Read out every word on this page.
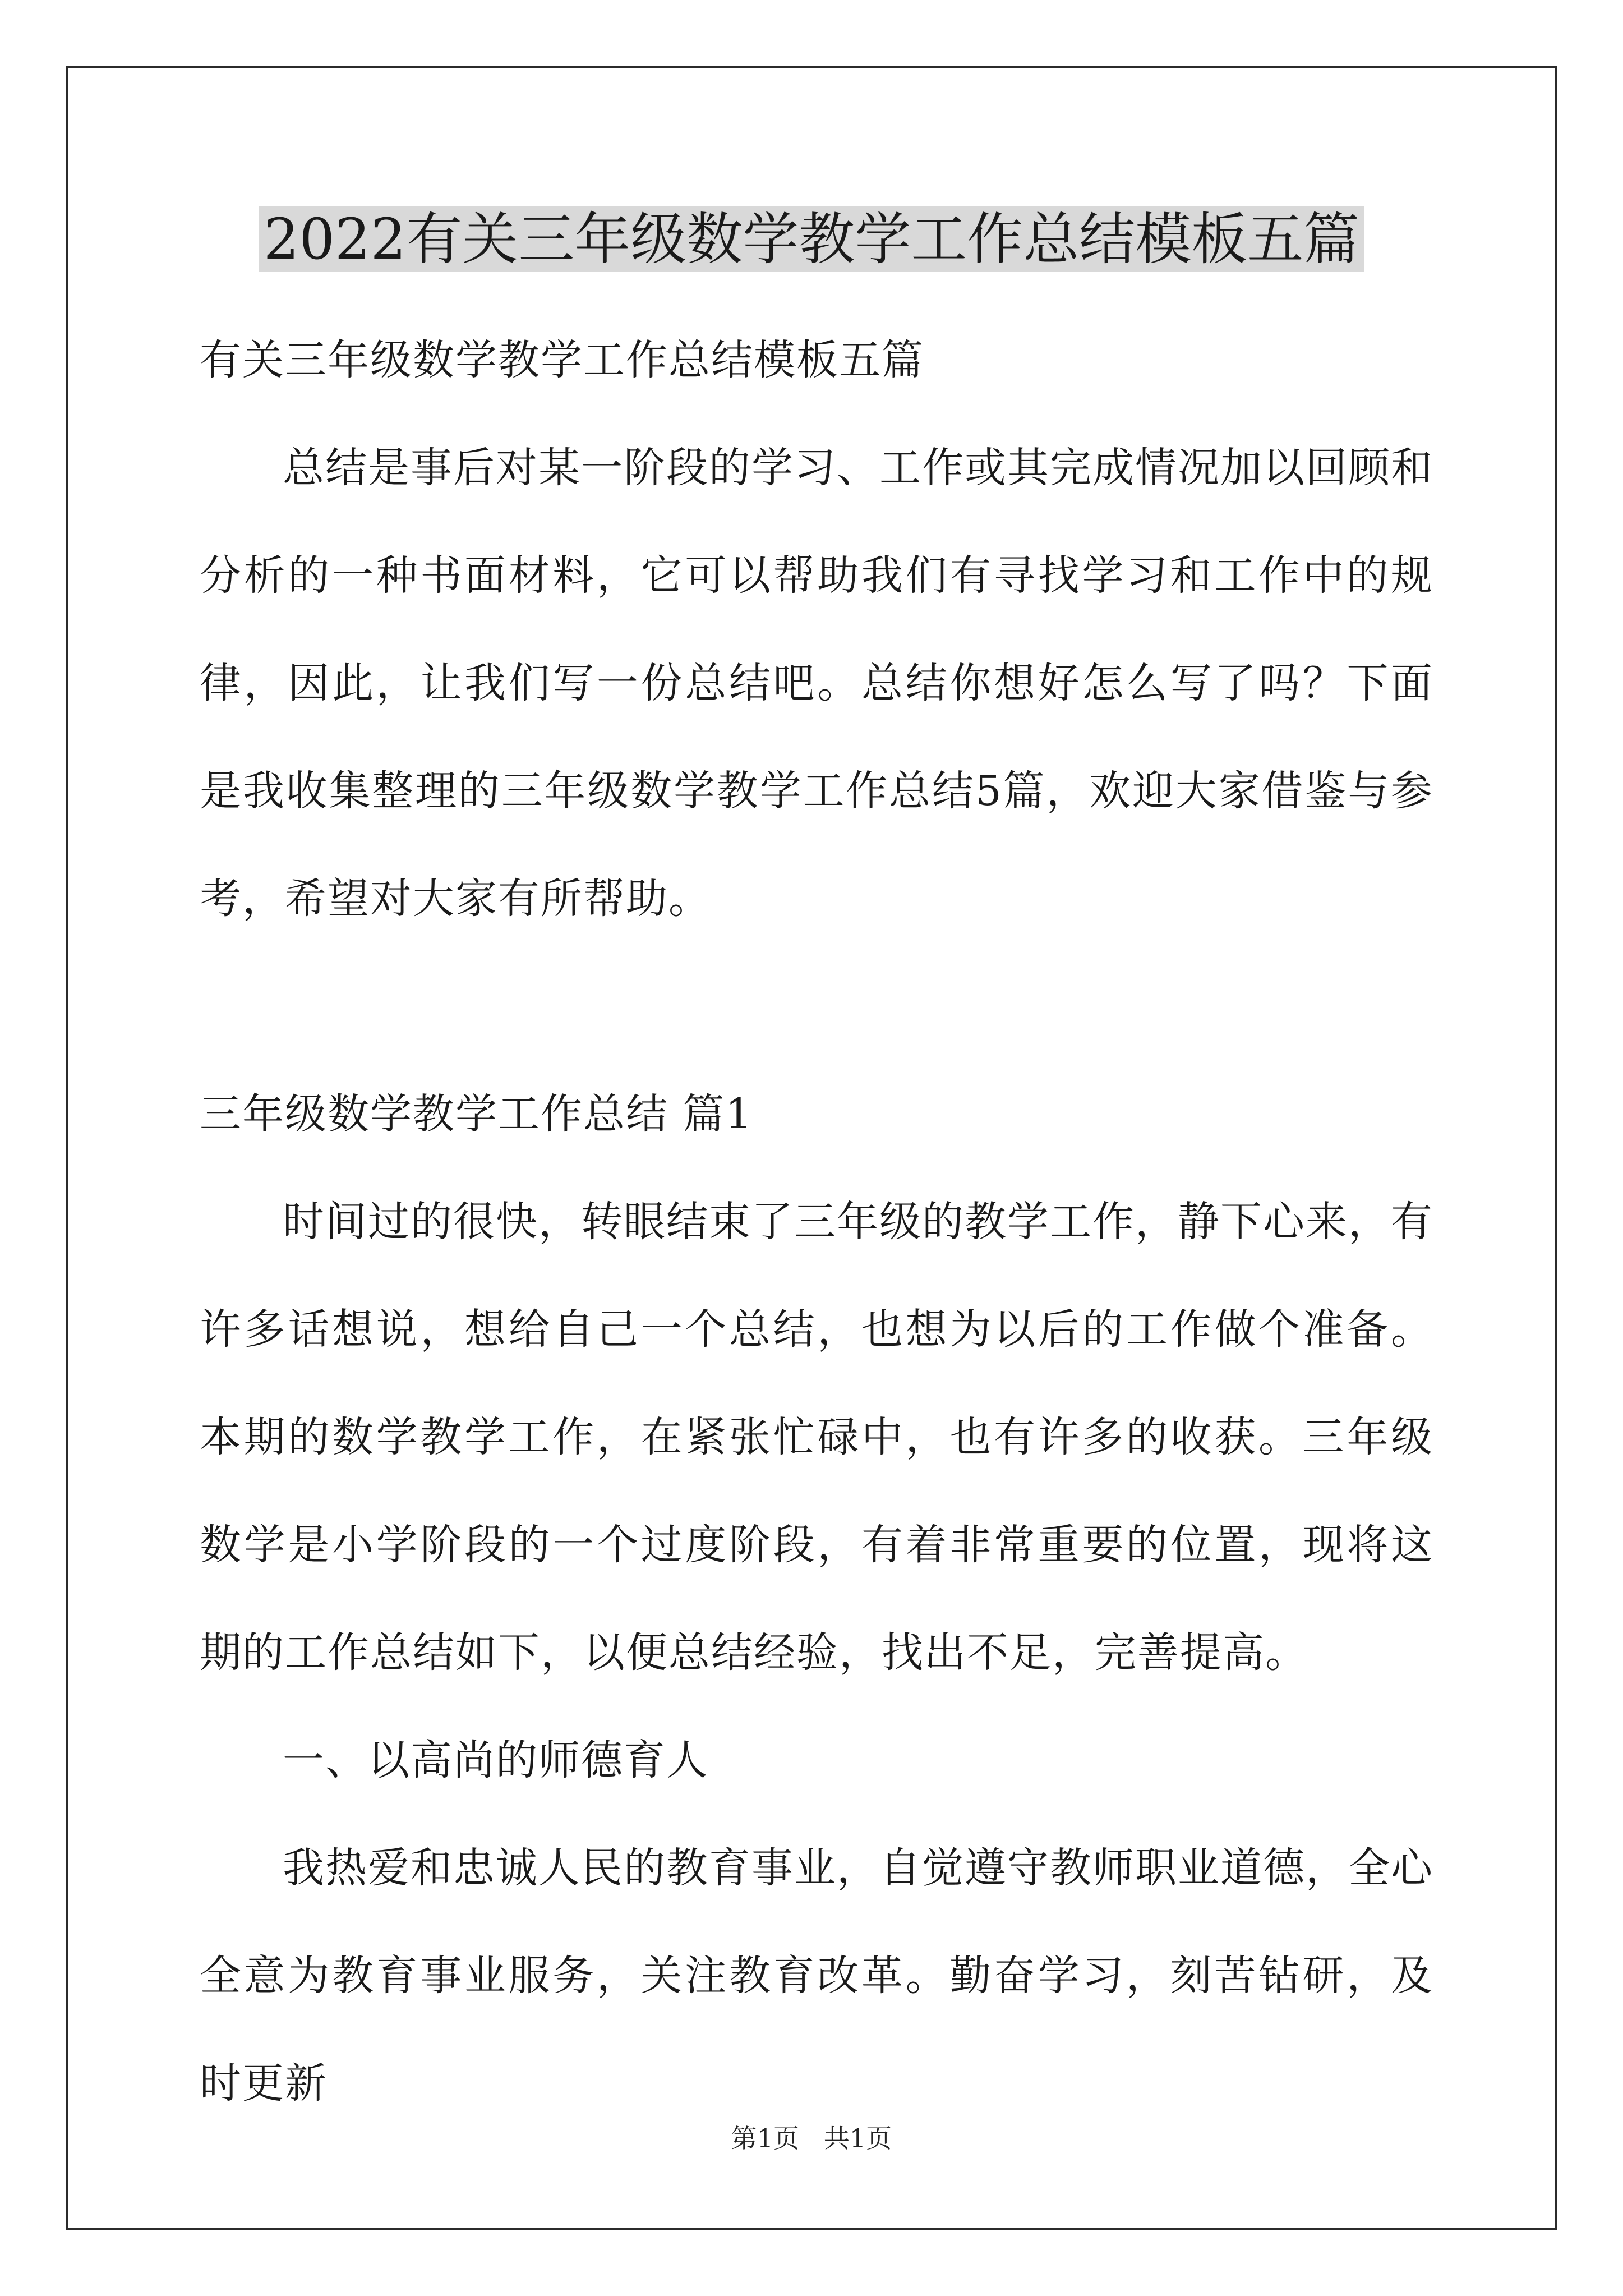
2022有关三年级数学教学工作总结模板五篇

有关三年级数学教学工作总结模板五篇

总结是事后对某一阶段的学习、工作或其完成情况加以回顾和分析的一种书面材料，它可以帮助我们有寻找学习和工作中的规律，因此，让我们写一份总结吧。总结你想好怎么写了吗？下面是我收集整理的三年级数学教学工作总结5篇，欢迎大家借鉴与参考，希望对大家有所帮助。

三年级数学教学工作总结 篇1

时间过的很快，转眼结束了三年级的教学工作，静下心来，有许多话想说，想给自己一个总结，也想为以后的工作做个准备。本期的数学教学工作，在紧张忙碌中，也有许多的收获。三年级数学是小学阶段的一个过度阶段，有着非常重要的位置，现将这期的工作总结如下，以便总结经验，找出不足，完善提高。

一、以高尚的师德育人

我热爱和忠诚人民的教育事业，自觉遵守教师职业道德，全心全意为教育事业服务，关注教育改革。勤奋学习，刻苦钻研，及时更新

第1页   共1页
